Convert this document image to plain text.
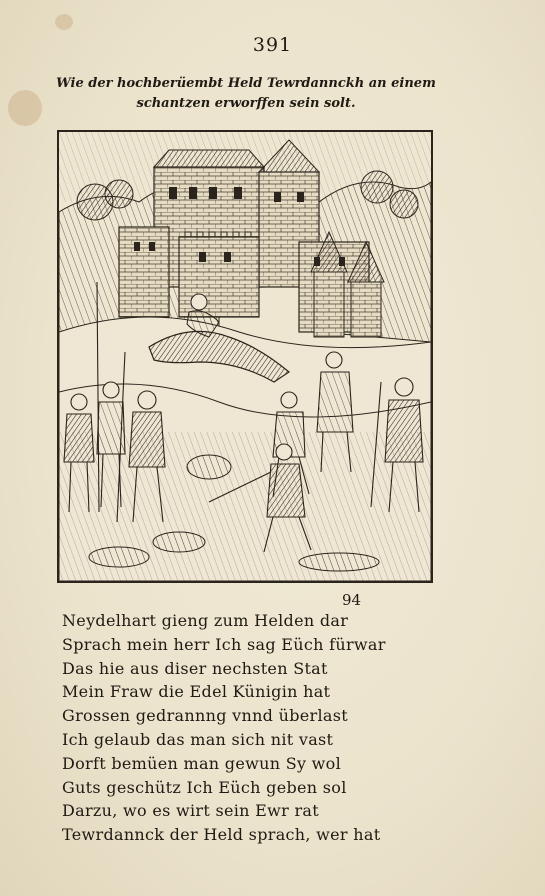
391
Wie der hochberüembt Held Tewrdannckh an einem
schantzen erworffen sein solt.
94
Neydelhart gieng zum Helden dar
Sprach mein herr Ich sag Eüch fürwar
Das hie aus diser nechsten Stat
Mein Fraw die Edel Künigin hat
Grossen gedrannng vnnd überlast
Ich gelaub das man sich nit vast
Dorft bemüen man gewun Sy wol
Guts geschütz Ich Eüch geben sol
Darzu, wo es wirt sein Ewr rat
Tewrdannck der Held sprach, wer hat
